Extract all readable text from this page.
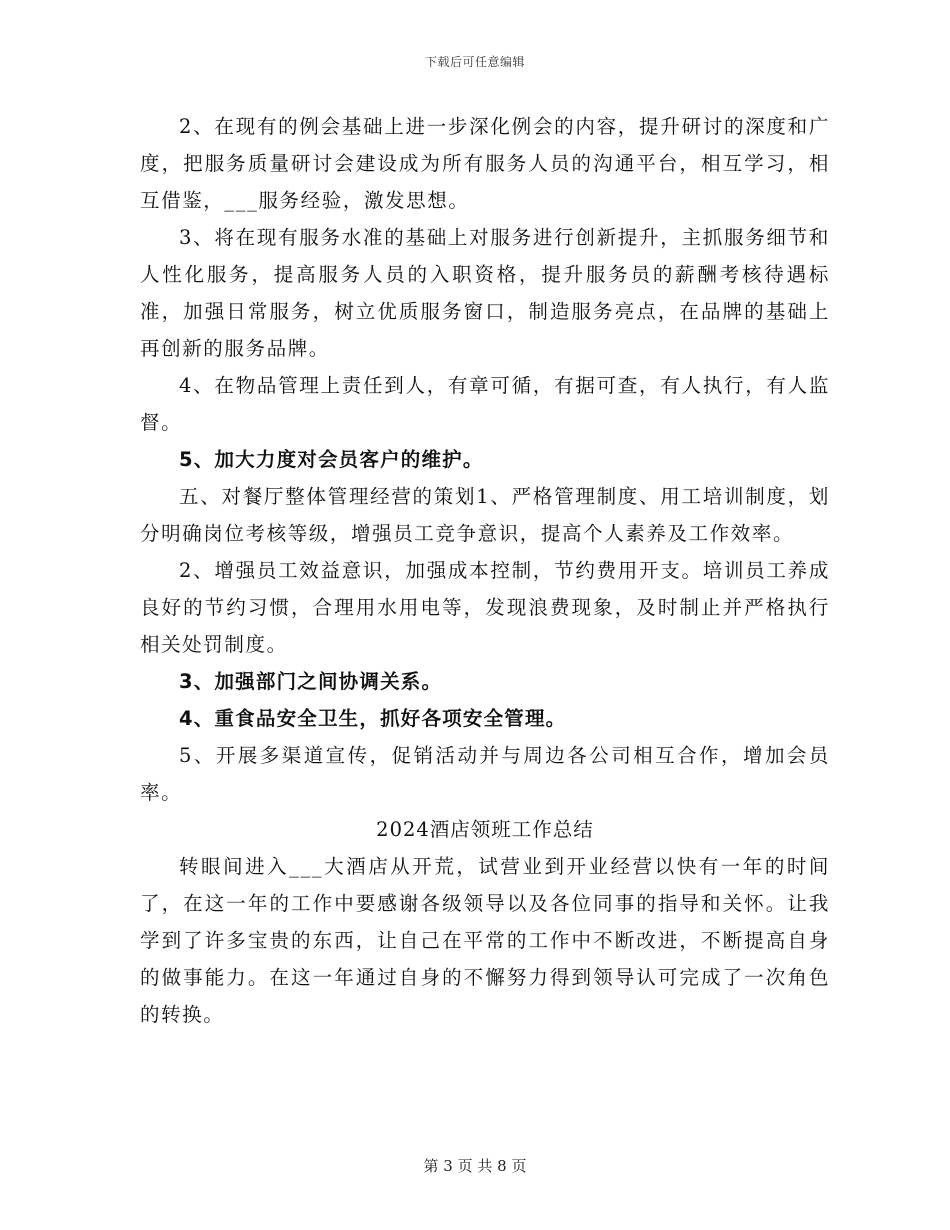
下载后可任意编辑

2、在现有的例会基础上进一步深化例会的内容，提升研讨的深度和广度，把服务质量研讨会建设成为所有服务人员的沟通平台，相互学习，相互借鉴，___服务经验，激发思想。

3、将在现有服务水准的基础上对服务进行创新提升，主抓服务细节和人性化服务，提高服务人员的入职资格，提升服务员的薪酬考核待遇标准，加强日常服务，树立优质服务窗口，制造服务亮点，在品牌的基础上再创新的服务品牌。

4、在物品管理上责任到人，有章可循，有据可查，有人执行，有人监督。

5、加大力度对会员客户的维护。

五、对餐厅整体管理经营的策划1、严格管理制度、用工培训制度，划分明确岗位考核等级，增强员工竞争意识，提高个人素养及工作效率。

2、增强员工效益意识，加强成本控制，节约费用开支。培训员工养成良好的节约习惯，合理用水用电等，发现浪费现象，及时制止并严格执行相关处罚制度。

3、加强部门之间协调关系。

4、重食品安全卫生，抓好各项安全管理。

5、开展多渠道宣传，促销活动并与周边各公司相互合作，增加会员率。

2024酒店领班工作总结

转眼间进入___大酒店从开荒，试营业到开业经营以快有一年的时间了，在这一年的工作中要感谢各级领导以及各位同事的指导和关怀。让我学到了许多宝贵的东西，让自己在平常的工作中不断改进，不断提高自身的做事能力。在这一年通过自身的不懈努力得到领导认可完成了一次角色的转换。

第 3 页 共 8 页
